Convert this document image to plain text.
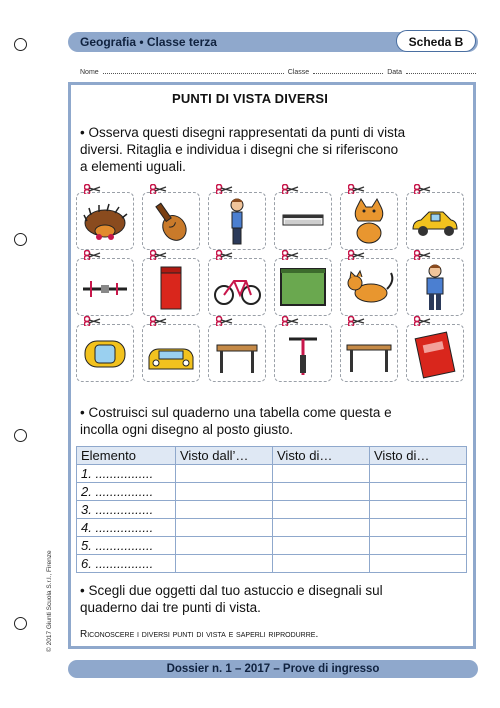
Geografia • Classe terza	Scheda B
Nome	Classe	Data
PUNTI DI VISTA DIVERSI
• Osserva questi disegni rappresentati da punti di vista
diversi. Ritaglia e individua i disegni che si riferiscono
a elementi uguali.
• Costruisci sul quaderno una tabella come questa e
incolla ogni disegno al posto giusto.
Elemento	Visto dall’…	Visto di…	Visto di…
1. ................			
2. ................			
3. ................			
4. ................			
5. ................			
6. ................			
• Scegli due oggetti dal tuo astuccio e disegnali sul
quaderno dai tre punti di vista.
Riconoscere i diversi punti di vista e saperli riprodurre.
Dossier n. 1 – 2017 – Prove di ingresso
© 2017 Giunti Scuola S.r.l., Firenze
